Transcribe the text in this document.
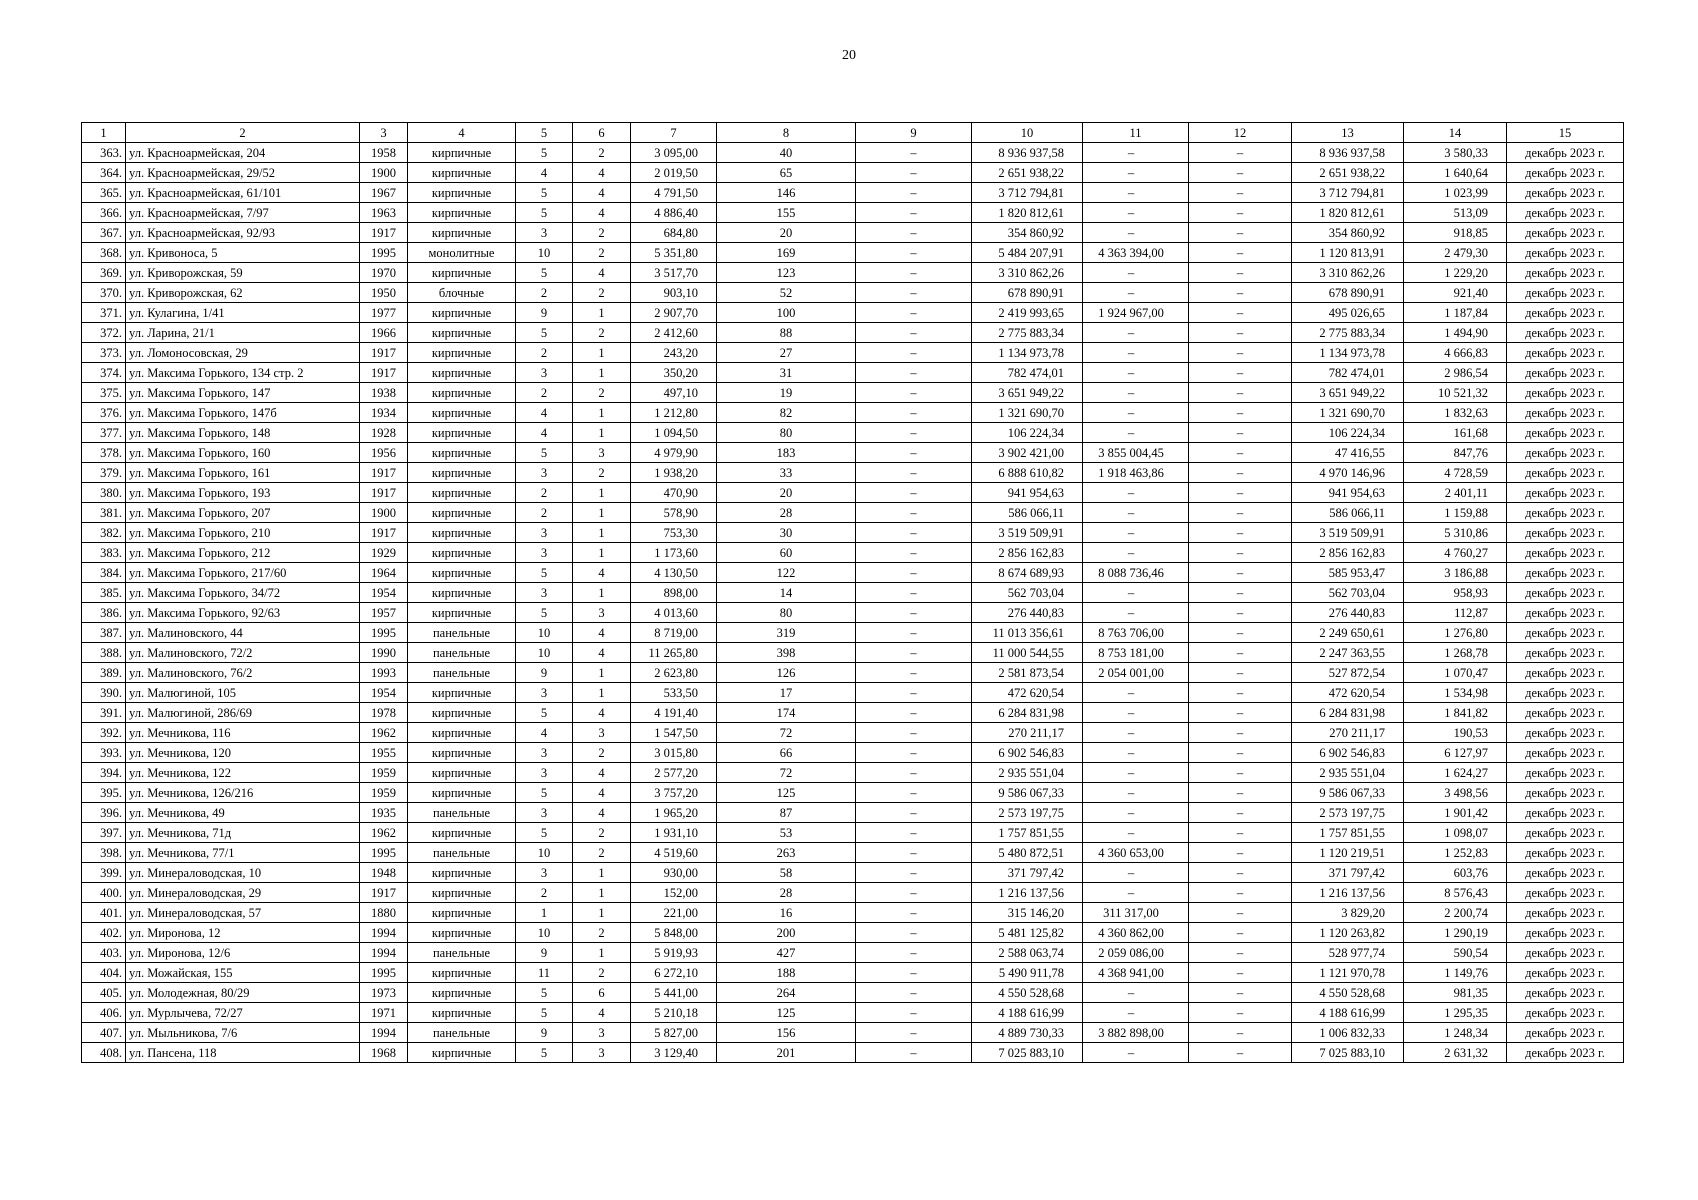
20
1	2	3	4	5	6	7	8	9	10	11	12	13	14	15
363.	ул. Красноармейская, 204	1958	кирпичные	5	2	3 095,00	40	–	8 936 937,58	–	–	8 936 937,58	3 580,33	декабрь 2023 г.
364.	ул. Красноармейская, 29/52	1900	кирпичные	4	4	2 019,50	65	–	2 651 938,22	–	–	2 651 938,22	1 640,64	декабрь 2023 г.
365.	ул. Красноармейская, 61/101	1967	кирпичные	5	4	4 791,50	146	–	3 712 794,81	–	–	3 712 794,81	1 023,99	декабрь 2023 г.
366.	ул. Красноармейская, 7/97	1963	кирпичные	5	4	4 886,40	155	–	1 820 812,61	–	–	1 820 812,61	513,09	декабрь 2023 г.
367.	ул. Красноармейская, 92/93	1917	кирпичные	3	2	684,80	20	–	354 860,92	–	–	354 860,92	918,85	декабрь 2023 г.
368.	ул. Кривоноса, 5	1995	монолитные	10	2	5 351,80	169	–	5 484 207,91	4 363 394,00	–	1 120 813,91	2 479,30	декабрь 2023 г.
369.	ул. Криворожская, 59	1970	кирпичные	5	4	3 517,70	123	–	3 310 862,26	–	–	3 310 862,26	1 229,20	декабрь 2023 г.
370.	ул. Криворожская, 62	1950	блочные	2	2	903,10	52	–	678 890,91	–	–	678 890,91	921,40	декабрь 2023 г.
371.	ул. Кулагина, 1/41	1977	кирпичные	9	1	2 907,70	100	–	2 419 993,65	1 924 967,00	–	495 026,65	1 187,84	декабрь 2023 г.
372.	ул. Ларина, 21/1	1966	кирпичные	5	2	2 412,60	88	–	2 775 883,34	–	–	2 775 883,34	1 494,90	декабрь 2023 г.
373.	ул. Ломоносовская, 29	1917	кирпичные	2	1	243,20	27	–	1 134 973,78	–	–	1 134 973,78	4 666,83	декабрь 2023 г.
374.	ул. Максима Горького, 134 стр. 2	1917	кирпичные	3	1	350,20	31	–	782 474,01	–	–	782 474,01	2 986,54	декабрь 2023 г.
375.	ул. Максима Горького, 147	1938	кирпичные	2	2	497,10	19	–	3 651 949,22	–	–	3 651 949,22	10 521,32	декабрь 2023 г.
376.	ул. Максима Горького, 147б	1934	кирпичные	4	1	1 212,80	82	–	1 321 690,70	–	–	1 321 690,70	1 832,63	декабрь 2023 г.
377.	ул. Максима Горького, 148	1928	кирпичные	4	1	1 094,50	80	–	106 224,34	–	–	106 224,34	161,68	декабрь 2023 г.
378.	ул. Максима Горького, 160	1956	кирпичные	5	3	4 979,90	183	–	3 902 421,00	3 855 004,45	–	47 416,55	847,76	декабрь 2023 г.
379.	ул. Максима Горького, 161	1917	кирпичные	3	2	1 938,20	33	–	6 888 610,82	1 918 463,86	–	4 970 146,96	4 728,59	декабрь 2023 г.
380.	ул. Максима Горького, 193	1917	кирпичные	2	1	470,90	20	–	941 954,63	–	–	941 954,63	2 401,11	декабрь 2023 г.
381.	ул. Максима Горького, 207	1900	кирпичные	2	1	578,90	28	–	586 066,11	–	–	586 066,11	1 159,88	декабрь 2023 г.
382.	ул. Максима Горького, 210	1917	кирпичные	3	1	753,30	30	–	3 519 509,91	–	–	3 519 509,91	5 310,86	декабрь 2023 г.
383.	ул. Максима Горького, 212	1929	кирпичные	3	1	1 173,60	60	–	2 856 162,83	–	–	2 856 162,83	4 760,27	декабрь 2023 г.
384.	ул. Максима Горького, 217/60	1964	кирпичные	5	4	4 130,50	122	–	8 674 689,93	8 088 736,46	–	585 953,47	3 186,88	декабрь 2023 г.
385.	ул. Максима Горького, 34/72	1954	кирпичные	3	1	898,00	14	–	562 703,04	–	–	562 703,04	958,93	декабрь 2023 г.
386.	ул. Максима Горького, 92/63	1957	кирпичные	5	3	4 013,60	80	–	276 440,83	–	–	276 440,83	112,87	декабрь 2023 г.
387.	ул. Малиновского, 44	1995	панельные	10	4	8 719,00	319	–	11 013 356,61	8 763 706,00	–	2 249 650,61	1 276,80	декабрь 2023 г.
388.	ул. Малиновского, 72/2	1990	панельные	10	4	11 265,80	398	–	11 000 544,55	8 753 181,00	–	2 247 363,55	1 268,78	декабрь 2023 г.
389.	ул. Малиновского, 76/2	1993	панельные	9	1	2 623,80	126	–	2 581 873,54	2 054 001,00	–	527 872,54	1 070,47	декабрь 2023 г.
390.	ул. Малюгиной, 105	1954	кирпичные	3	1	533,50	17	–	472 620,54	–	–	472 620,54	1 534,98	декабрь 2023 г.
391.	ул. Малюгиной, 286/69	1978	кирпичные	5	4	4 191,40	174	–	6 284 831,98	–	–	6 284 831,98	1 841,82	декабрь 2023 г.
392.	ул. Мечникова, 116	1962	кирпичные	4	3	1 547,50	72	–	270 211,17	–	–	270 211,17	190,53	декабрь 2023 г.
393.	ул. Мечникова, 120	1955	кирпичные	3	2	3 015,80	66	–	6 902 546,83	–	–	6 902 546,83	6 127,97	декабрь 2023 г.
394.	ул. Мечникова, 122	1959	кирпичные	3	4	2 577,20	72	–	2 935 551,04	–	–	2 935 551,04	1 624,27	декабрь 2023 г.
395.	ул. Мечникова, 126/216	1959	кирпичные	5	4	3 757,20	125	–	9 586 067,33	–	–	9 586 067,33	3 498,56	декабрь 2023 г.
396.	ул. Мечникова, 49	1935	панельные	3	4	1 965,20	87	–	2 573 197,75	–	–	2 573 197,75	1 901,42	декабрь 2023 г.
397.	ул. Мечникова, 71д	1962	кирпичные	5	2	1 931,10	53	–	1 757 851,55	–	–	1 757 851,55	1 098,07	декабрь 2023 г.
398.	ул. Мечникова, 77/1	1995	панельные	10	2	4 519,60	263	–	5 480 872,51	4 360 653,00	–	1 120 219,51	1 252,83	декабрь 2023 г.
399.	ул. Минераловодская, 10	1948	кирпичные	3	1	930,00	58	–	371 797,42	–	–	371 797,42	603,76	декабрь 2023 г.
400.	ул. Минераловодская, 29	1917	кирпичные	2	1	152,00	28	–	1 216 137,56	–	–	1 216 137,56	8 576,43	декабрь 2023 г.
401.	ул. Минераловодская, 57	1880	кирпичные	1	1	221,00	16	–	315 146,20	311 317,00	–	3 829,20	2 200,74	декабрь 2023 г.
402.	ул. Миронова, 12	1994	кирпичные	10	2	5 848,00	200	–	5 481 125,82	4 360 862,00	–	1 120 263,82	1 290,19	декабрь 2023 г.
403.	ул. Миронова, 12/6	1994	панельные	9	1	5 919,93	427	–	2 588 063,74	2 059 086,00	–	528 977,74	590,54	декабрь 2023 г.
404.	ул. Можайская, 155	1995	кирпичные	11	2	6 272,10	188	–	5 490 911,78	4 368 941,00	–	1 121 970,78	1 149,76	декабрь 2023 г.
405.	ул. Молодежная, 80/29	1973	кирпичные	5	6	5 441,00	264	–	4 550 528,68	–	–	4 550 528,68	981,35	декабрь 2023 г.
406.	ул. Мурлычева, 72/27	1971	кирпичные	5	4	5 210,18	125	–	4 188 616,99	–	–	4 188 616,99	1 295,35	декабрь 2023 г.
407.	ул. Мыльникова, 7/6	1994	панельные	9	3	5 827,00	156	–	4 889 730,33	3 882 898,00	–	1 006 832,33	1 248,34	декабрь 2023 г.
408.	ул. Пансена, 118	1968	кирпичные	5	3	3 129,40	201	–	7 025 883,10	–	–	7 025 883,10	2 631,32	декабрь 2023 г.
